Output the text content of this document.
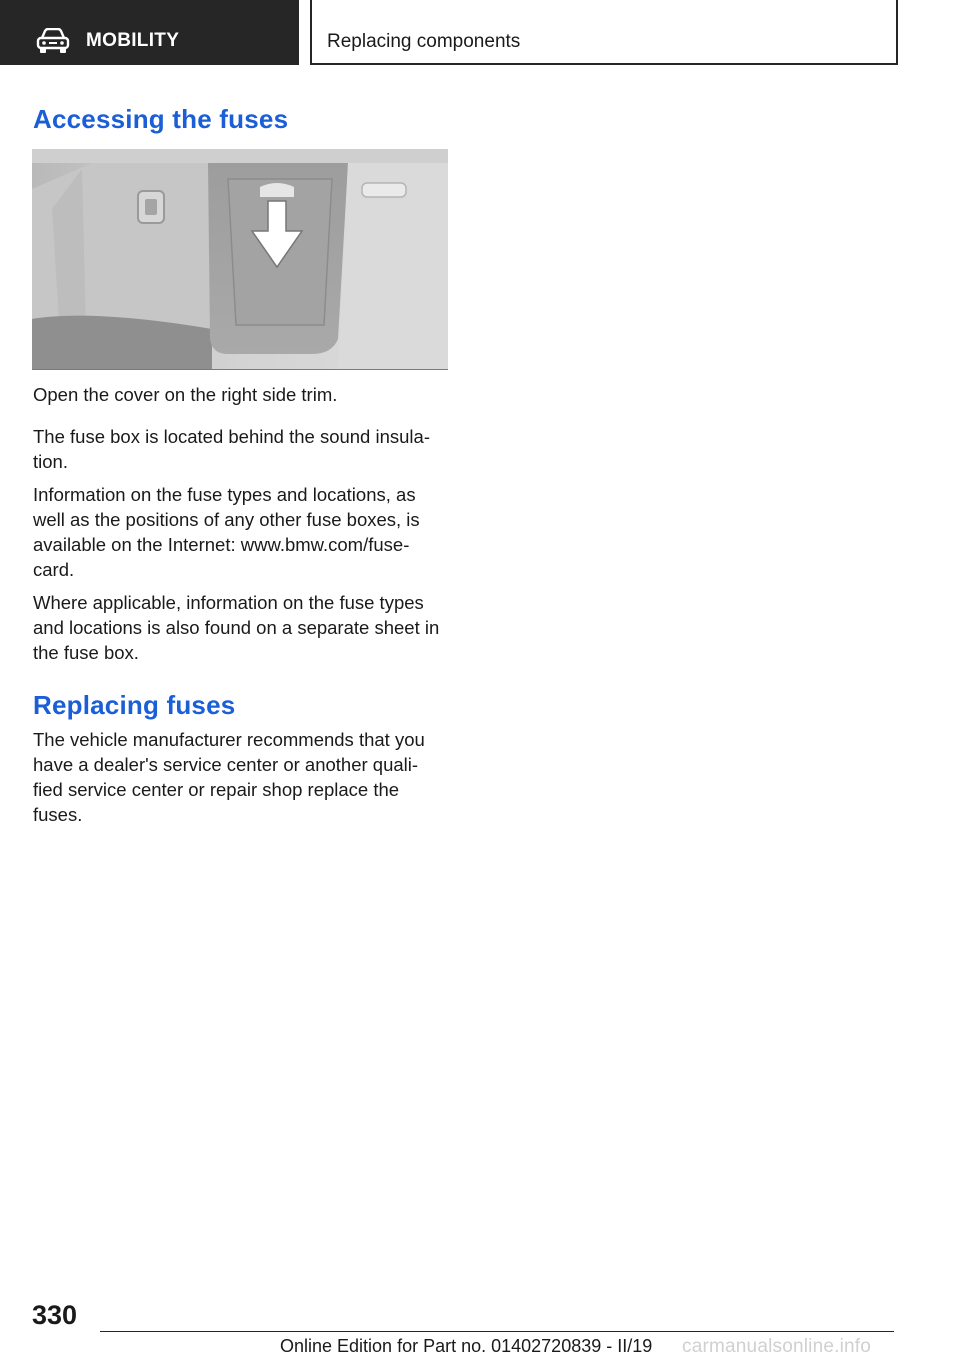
MOBILITY	Replacing components
Accessing the fuses

Open the cover on the right side trim.

The fuse box is located behind the sound insula-
tion.

Information on the fuse types and locations, as
well as the positions of any other fuse boxes, is
available on the Internet: www.bmw.com/fuse-
card.

Where applicable, information on the fuse types
and locations is also found on a separate sheet in
the fuse box.

Replacing fuses

The vehicle manufacturer recommends that you
have a dealer's service center or another quali-
fied service center or repair shop replace the
fuses.

330
Online Edition for Part no. 01402720839 - II/19 carmanualsonline.info
